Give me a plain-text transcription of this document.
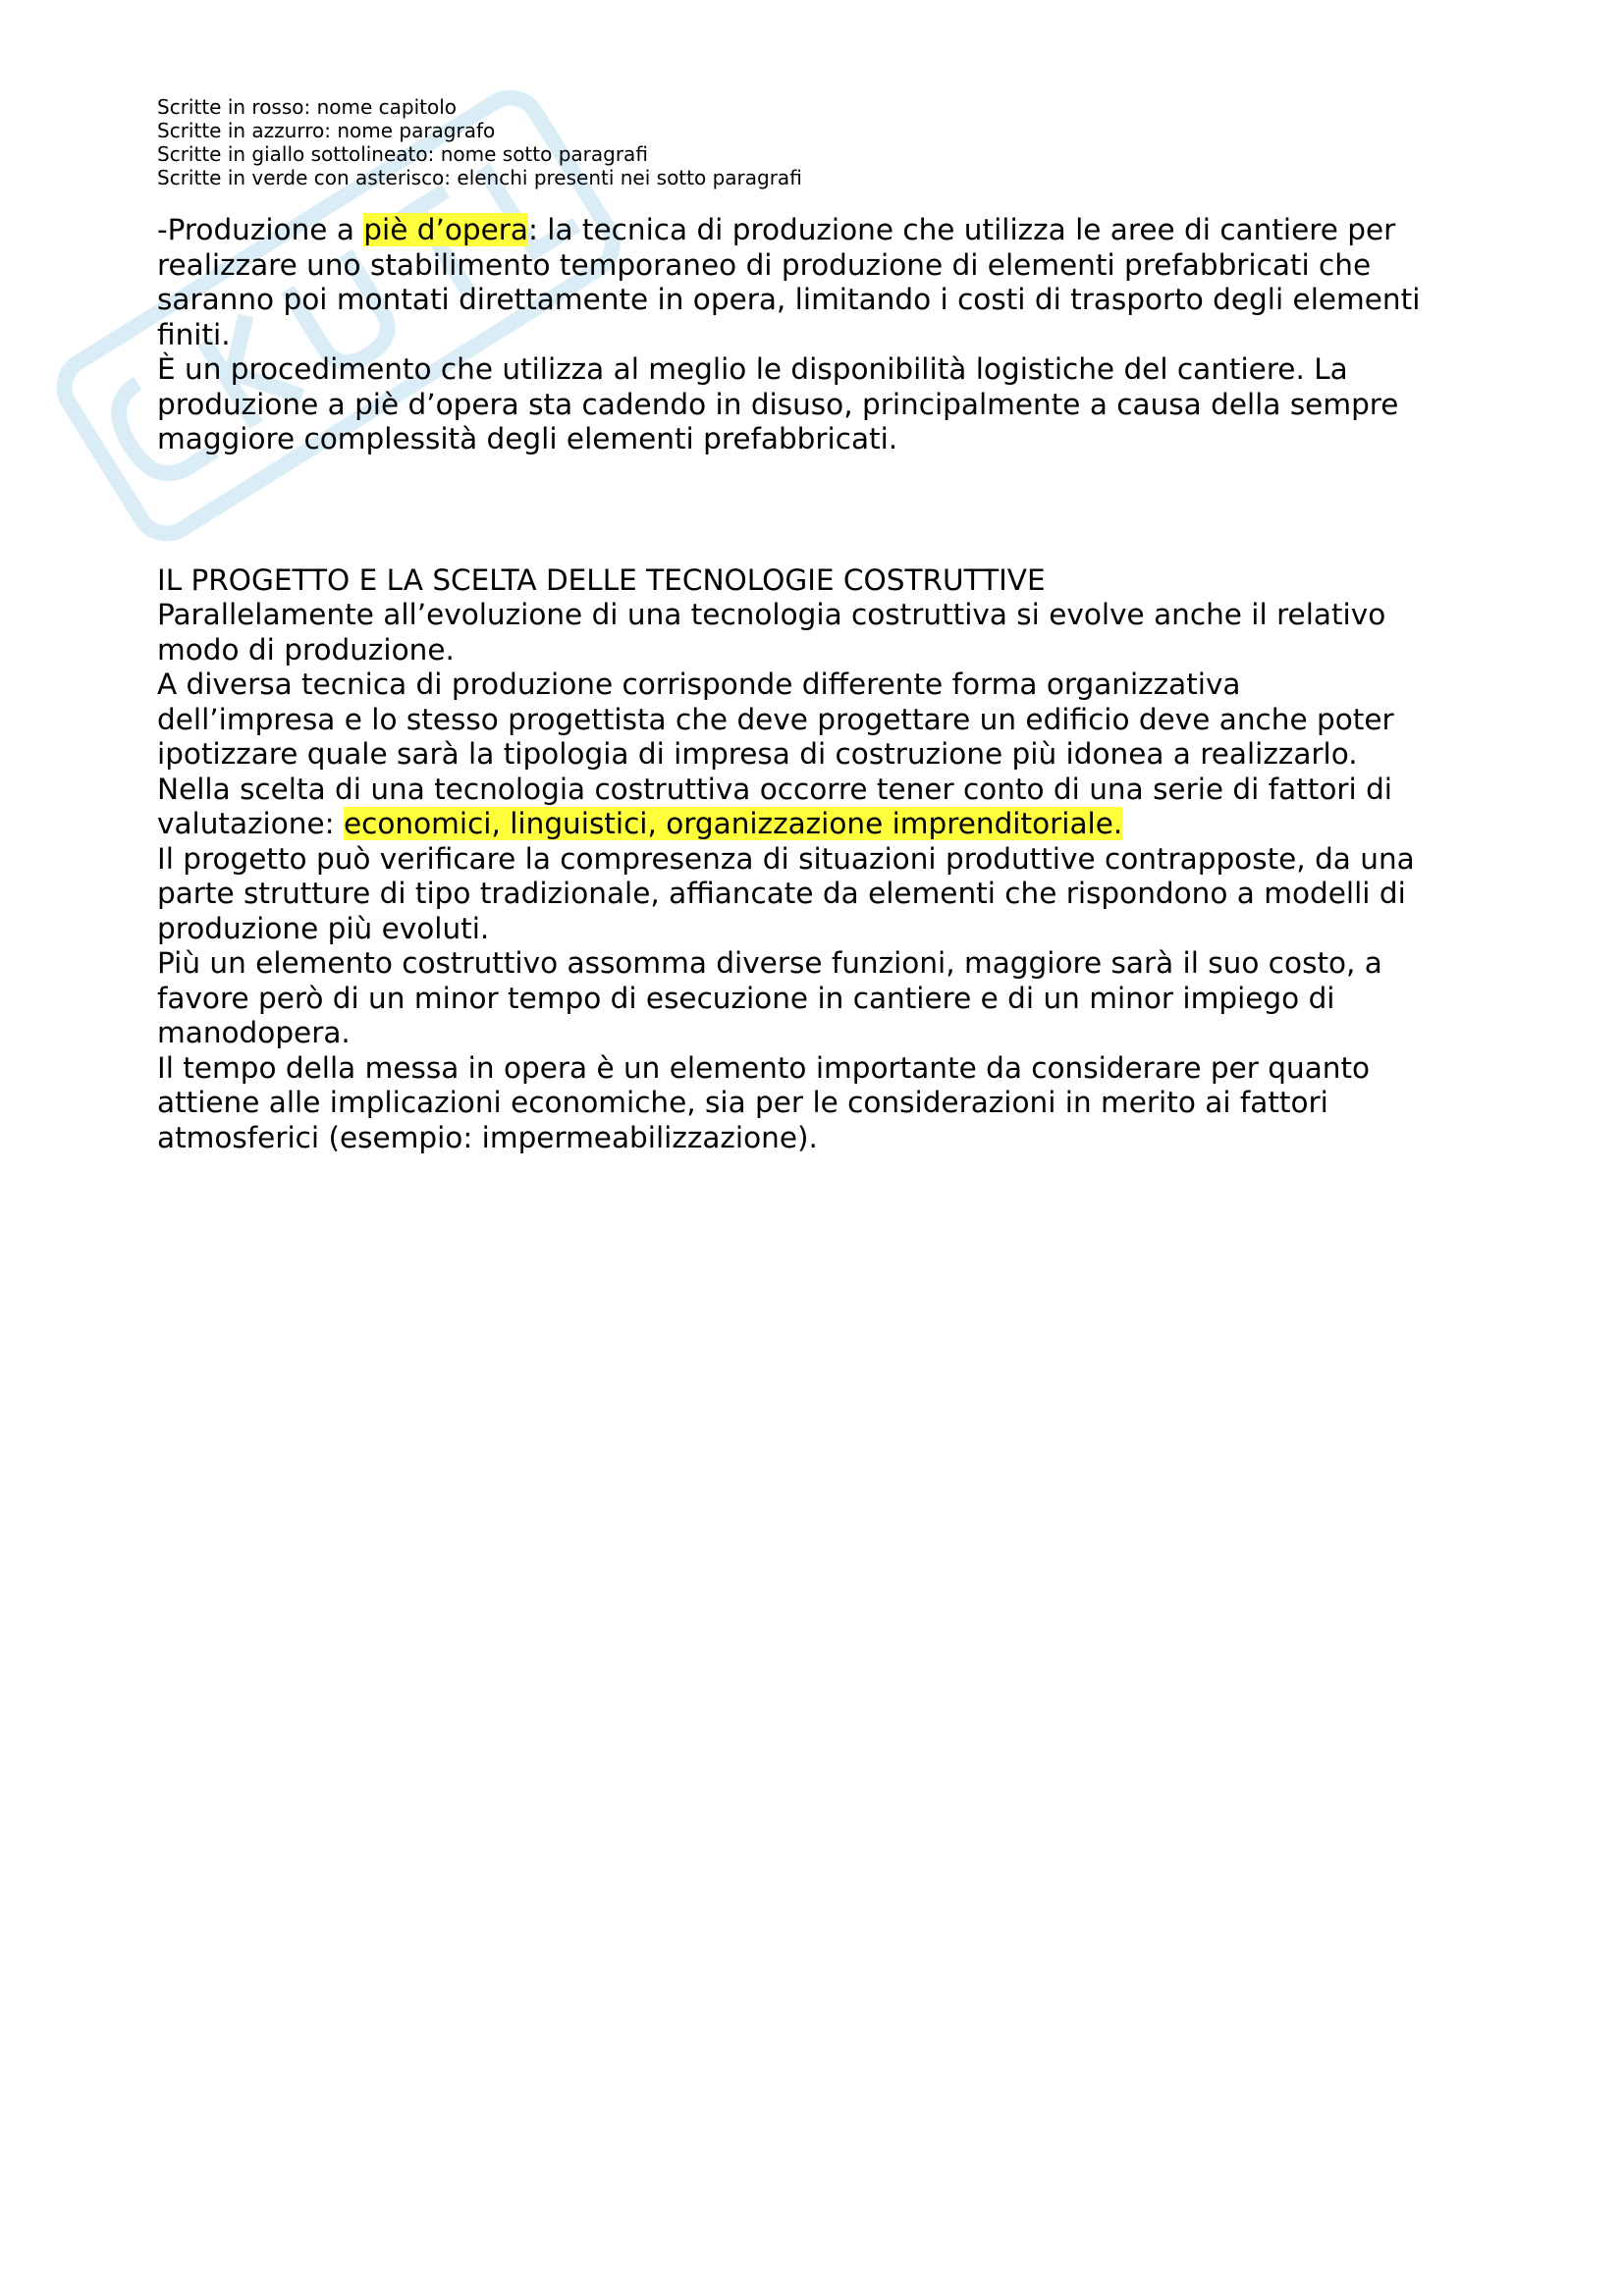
Scritte in rosso: nome capitolo
Scritte in azzurro: nome paragrafo
Scritte in giallo sottolineato: nome sotto paragrafi
Scritte in verde con asterisco: elenchi presenti nei sotto paragrafi

-Produzione a piè d’opera: la tecnica di produzione che utilizza le aree di cantiere per

realizzare uno stabilimento temporaneo di produzione di elementi prefabbricati che

saranno poi montati direttamente in opera, limitando i costi di trasporto degli elementi

finiti.

È un procedimento che utilizza al meglio le disponibilità logistiche del cantiere. La

produzione a piè d’opera sta cadendo in disuso, principalmente a causa della sempre

maggiore complessità degli elementi prefabbricati.

IL PROGETTO E LA SCELTA DELLE TECNOLOGIE COSTRUTTIVE

Parallelamente all’evoluzione di una tecnologia costruttiva si evolve anche il relativo

modo di produzione.

A diversa tecnica di produzione corrisponde differente forma organizzativa

dell’impresa e lo stesso progettista che deve progettare un edificio deve anche poter

ipotizzare quale sarà la tipologia di impresa di costruzione più idonea a realizzarlo.

Nella scelta di una tecnologia costruttiva occorre tener conto di una serie di fattori di

valutazione: economici, linguistici, organizzazione imprenditoriale.

Il progetto può verificare la compresenza di situazioni produttive contrapposte, da una

parte strutture di tipo tradizionale, affiancate da elementi che rispondono a modelli di

produzione più evoluti.

Più un elemento costruttivo assomma diverse funzioni, maggiore sarà il suo costo, a

favore però di un minor tempo di esecuzione in cantiere e di un minor impiego di

manodopera.

Il tempo della messa in opera è un elemento importante da considerare per quanto

attiene alle implicazioni economiche, sia per le considerazioni in merito ai fattori

atmosferici (esempio: impermeabilizzazione).
